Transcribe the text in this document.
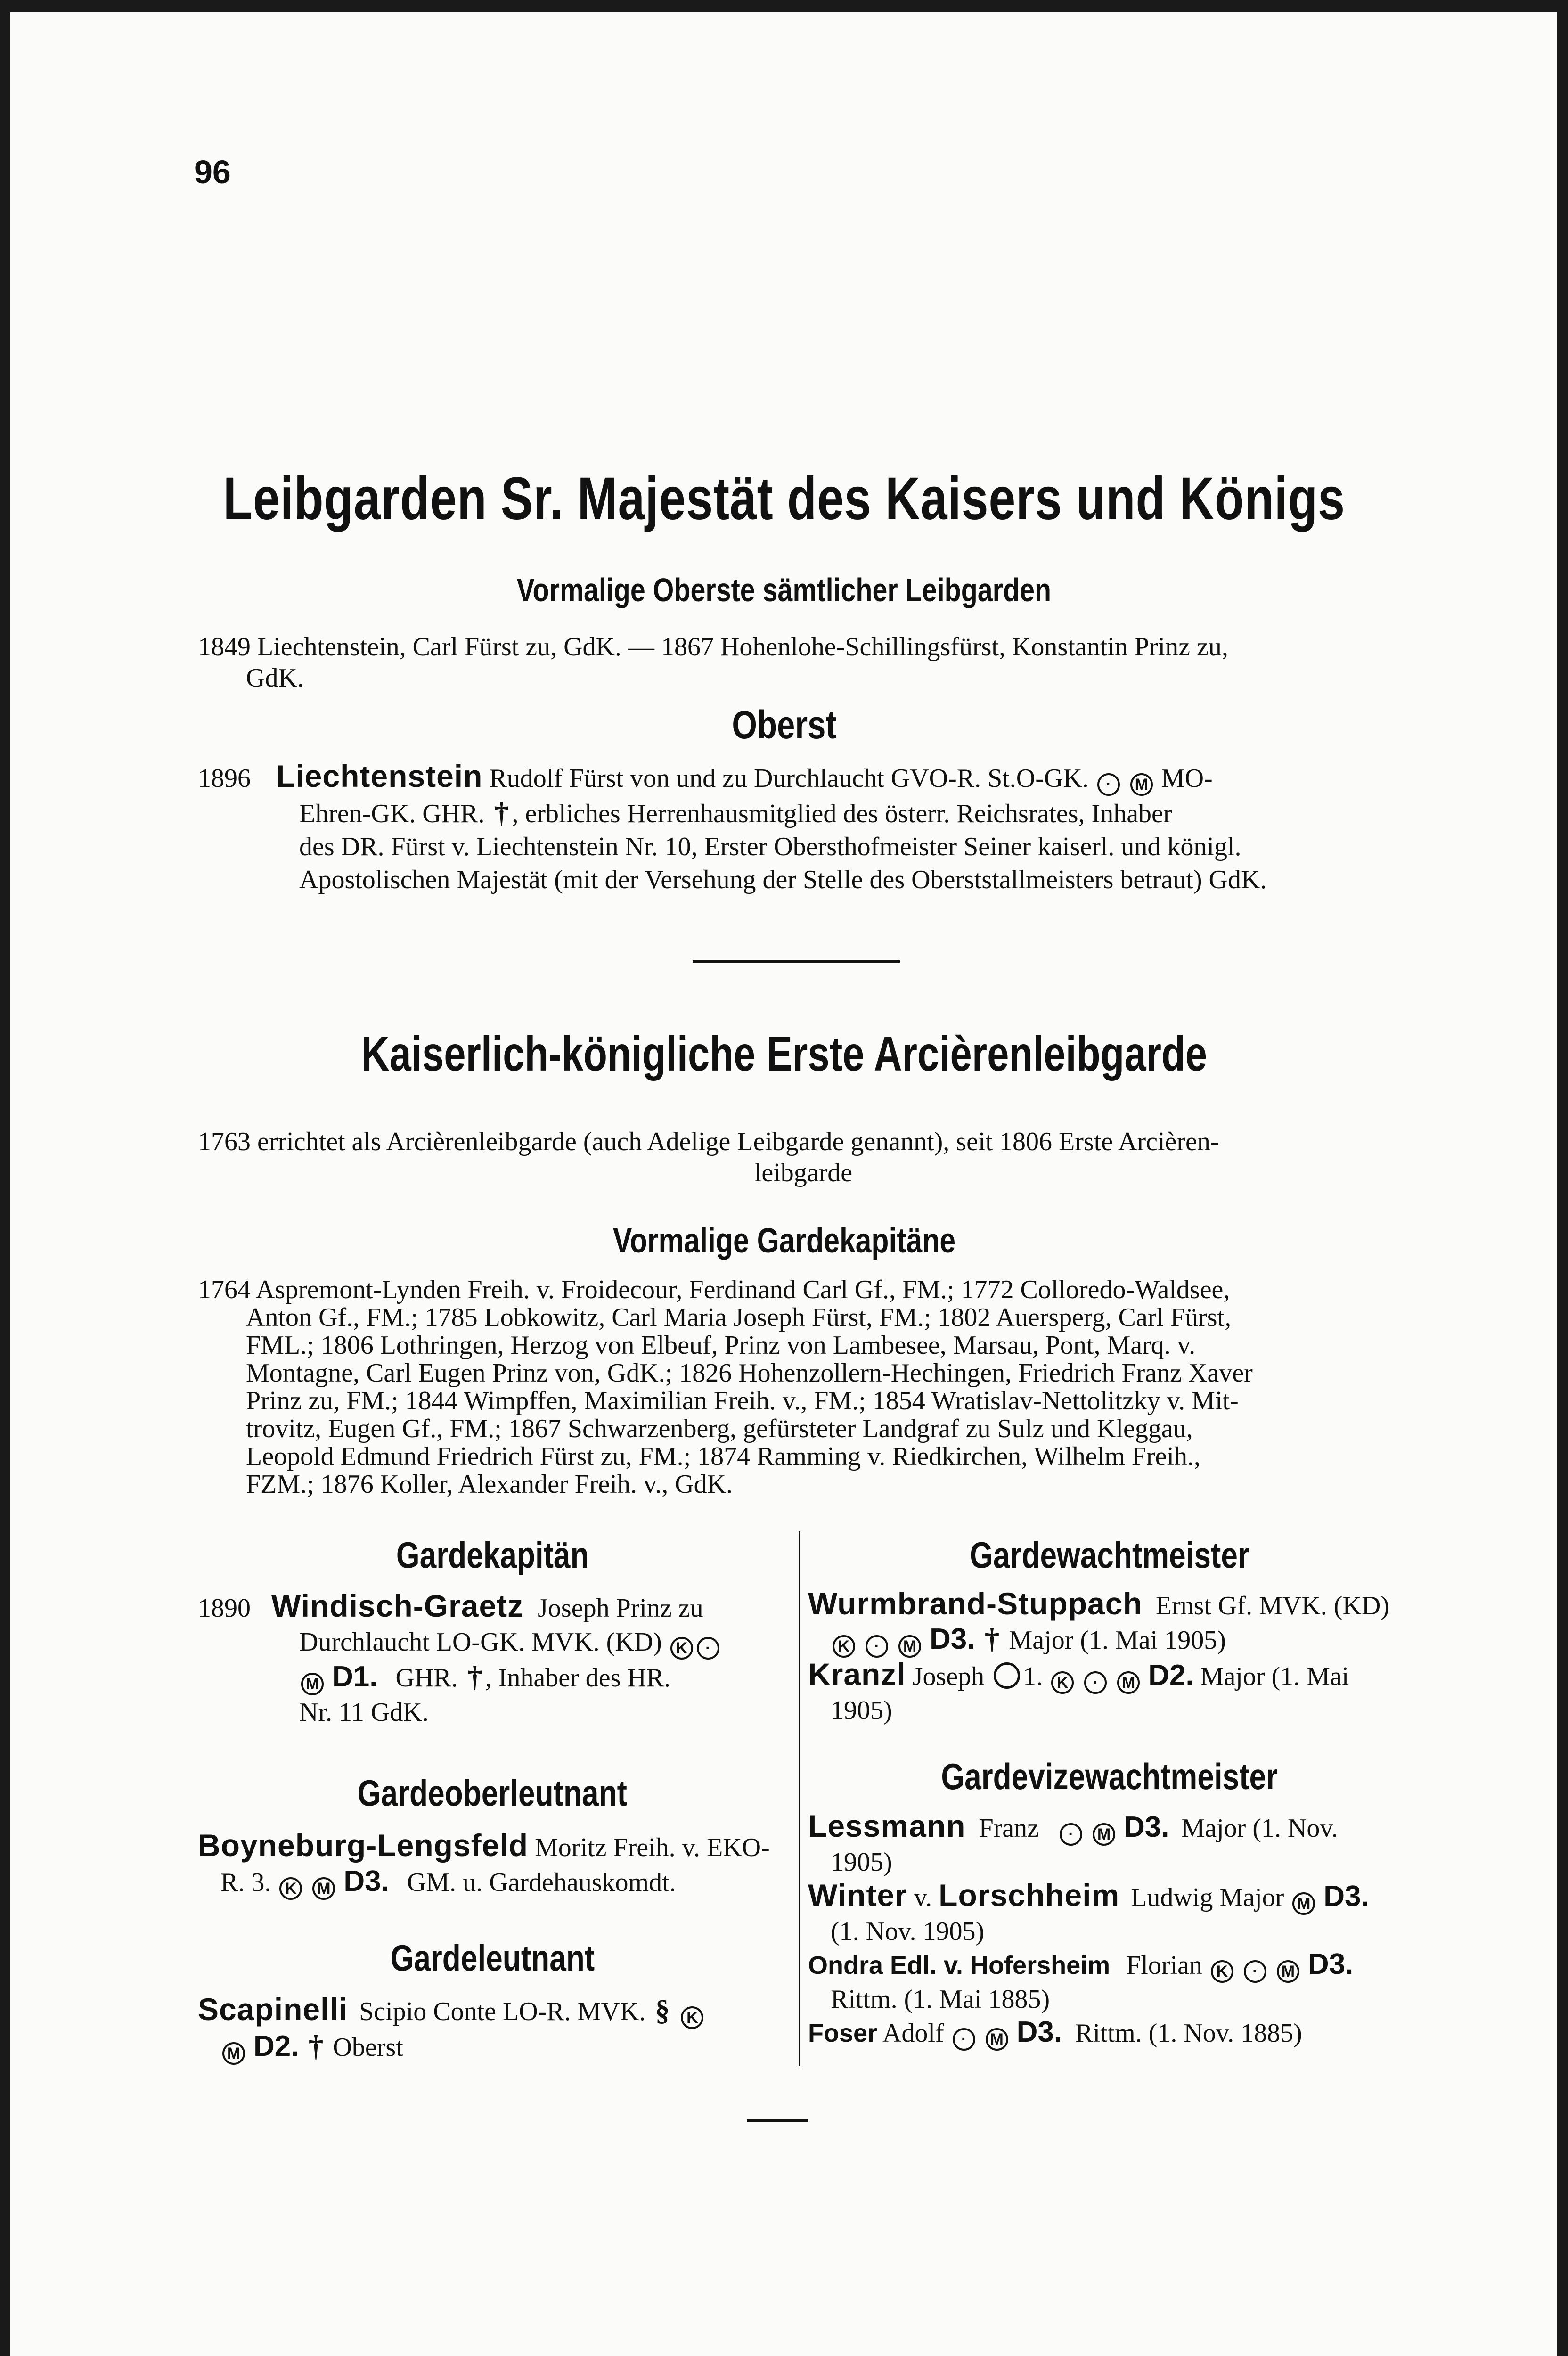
96
Leibgarden Sr. Majestät des Kaisers und Königs
Vormalige Oberste sämtlicher Leibgarden
1849 Liechtenstein, Carl Fürst zu, GdK. — 1867 Hohenlohe-Schillingsfürst, Konstantin Prinz zu,
GdK.
Oberst
1896 Liechtenstein Rudolf Fürst von und zu Durchlaucht GVO-R. St.O-GK. · M MO-
Ehren-GK. GHR. † , erbliches Herrenhausmitglied des österr. Reichsrates, Inhaber
des DR. Fürst v. Liechtenstein Nr. 10, Erster Obersthofmeister Seiner kaiserl. und königl.
Apostolischen Majestät (mit der Versehung der Stelle des Oberststallmeisters betraut) GdK.
Kaiserlich-königliche Erste Arcièrenleibgarde
1763 errichtet als Arcièrenleibgarde (auch Adelige Leibgarde genannt), seit 1806 Erste Arcièren-
leibgarde
Vormalige Gardekapitäne
1764 Aspremont-Lynden Freih. v. Froidecour, Ferdinand Carl Gf., FM.; 1772 Colloredo-Waldsee,
Anton Gf., FM.; 1785 Lobkowitz, Carl Maria Joseph Fürst, FM.; 1802 Auersperg, Carl Fürst,
FML.; 1806 Lothringen, Herzog von Elbeuf, Prinz von Lambesee, Marsau, Pont, Marq. v.
Montagne, Carl Eugen Prinz von, GdK.; 1826 Hohenzollern-Hechingen, Friedrich Franz Xaver
Prinz zu, FM.; 1844 Wimpffen, Maximilian Freih. v., FM.; 1854 Wratislav-Nettolitzky v. Mit-
trovitz, Eugen Gf., FM.; 1867 Schwarzenberg, gefürsteter Landgraf zu Sulz und Kleggau,
Leopold Edmund Friedrich Fürst zu, FM.; 1874 Ramming v. Riedkirchen, Wilhelm Freih.,
FZM.; 1876 Koller, Alexander Freih. v., GdK.
Gardekapitän
1890 Windisch-Graetz Joseph Prinz zu
Durchlaucht LO-GK. MVK. (KD) K ·
M D1. GHR. † , Inhaber des HR.
Nr. 11 GdK.
Gardeoberleutnant
Boyneburg-Lengsfeld Moritz Freih. v. EKO-
R. 3. K M D3. GM. u. Gardehauskomdt.
Gardeleutnant
Scapinelli Scipio Conte LO-R. MVK. § K
M D2. † Oberst
Gardewachtmeister
Wurmbrand-Stuppach Ernst Gf. MVK. (KD)
K · M D3. † Major (1. Mai 1905)
Kranzl Joseph 1. K · M D2. Major (1. Mai
1905)
Gardevizewachtmeister
Lessmann Franz · M D3. Major (1. Nov.
1905)
Winter v. Lorschheim Ludwig Major M D3.
(1. Nov. 1905)
Ondra Edl. v. Hofersheim Florian K · M D3.
Rittm. (1. Mai 1885)
Foser Adolf · M D3. Rittm. (1. Nov. 1885)
